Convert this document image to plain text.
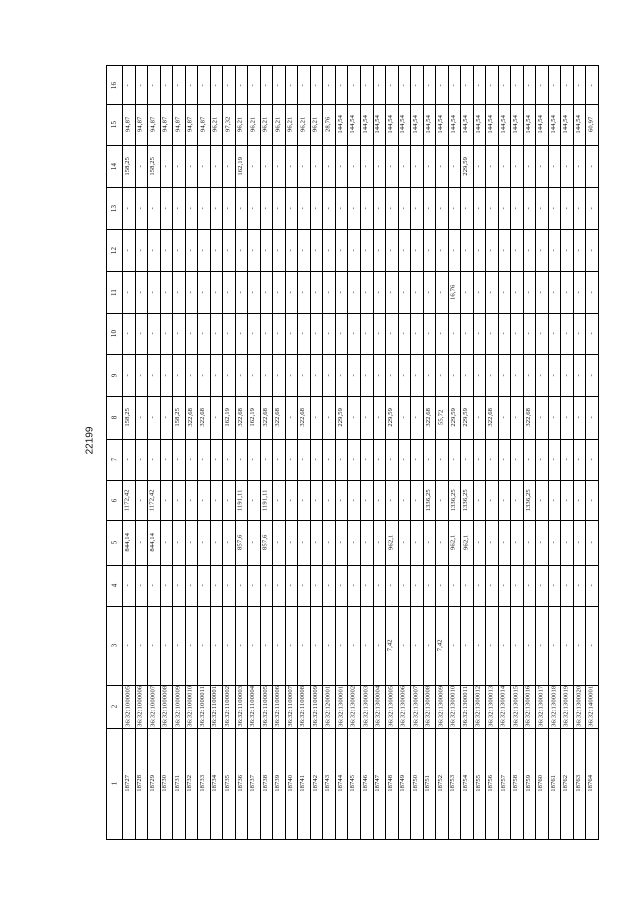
22199
1
2
3
4
5
6
7
8
9
10
11
12
13
14
15
16
18727
36:32:1000005
-
-
844,14
1172,42
-
158,25
-
-
-
-
-
158,25
94,87
-
18728
36:32:1000006
-
-
-
-
-
-
-
-
-
-
-
-
94,87
-
18729
36:32:1000007
-
-
844,14
1172,42
-
-
-
-
-
-
-
158,25
94,87
-
18730
36:32:1000008
-
-
-
-
-
-
-
-
-
-
-
-
94,87
-
18731
36:32:1000009
-
-
-
-
-
158,25
-
-
-
-
-
-
94,87
-
18732
36:32:1000010
-
-
-
-
-
322,68
-
-
-
-
-
-
94,87
-
18733
36:32:1000011
-
-
-
-
-
322,68
-
-
-
-
-
-
94,87
-
18734
36:32:1100001
-
-
-
-
-
-
-
-
-
-
-
-
96,21
-
18735
36:32:1100002
-
-
-
-
-
162,19
-
-
-
-
-
-
97,32
-
18736
36:32:1100003
-
-
857,6
1191,11
-
322,68
-
-
-
-
-
162,19
96,21
-
18737
36:32:1100004
-
-
-
-
-
162,19
-
-
-
-
-
-
96,21
-
18738
36:32:1100005
-
-
857,6
1191,11
-
322,68
-
-
-
-
-
-
96,21
-
18739
36:32:1100006
-
-
-
-
-
322,68
-
-
-
-
-
-
96,21
-
18740
36:32:1100007
-
-
-
-
-
-
-
-
-
-
-
-
96,21
-
18741
36:32:1100008
-
-
-
-
-
322,68
-
-
-
-
-
-
96,21
-
18742
36:32:1100009
-
-
-
-
-
-
-
-
-
-
-
-
96,21
-
18743
36:32:1200001
-
-
-
-
-
-
-
-
-
-
-
-
28,76
-
18744
36:32:1300001
-
-
-
-
-
229,59
-
-
-
-
-
-
144,54
-
18745
36:32:1300002
-
-
-
-
-
-
-
-
-
-
-
-
144,54
-
18746
36:32:1300003
-
-
-
-
-
-
-
-
-
-
-
-
144,54
-
18747
36:32:1300004
-
-
-
-
-
-
-
-
-
-
-
-
144,54
-
18748
36:32:1300005
7,42
-
962,1
-
-
229,59
-
-
-
-
-
-
144,54
-
18749
36:32:1300006
-
-
-
-
-
-
-
-
-
-
-
-
144,54
-
18750
36:32:1300007
-
-
-
-
-
-
-
-
-
-
-
-
144,54
-
18751
36:32:1300008
-
-
-
1336,25
-
322,68
-
-
-
-
-
-
144,54
-
18752
36:32:1300009
7,42
-
-
-
-
55,72
-
-
-
-
-
-
144,54
-
18753
36:32:1300010
-
-
962,1
1336,25
-
229,59
-
-
16,76
-
-
-
144,54
-
18754
36:32:1300011
-
-
962,1
1336,25
-
229,59
-
-
-
-
-
229,59
144,54
-
18755
36:32:1300012
-
-
-
-
-
-
-
-
-
-
-
-
144,54
-
18756
36:32:1300013
-
-
-
-
-
322,68
-
-
-
-
-
-
144,54
-
18757
36:32:1300014
-
-
-
-
-
-
-
-
-
-
-
-
144,54
-
18758
36:32:1300015
-
-
-
-
-
-
-
-
-
-
-
-
144,54
-
18759
36:32:1300016
-
-
-
1336,25
-
322,68
-
-
-
-
-
-
144,54
-
18760
36:32:1300017
-
-
-
-
-
-
-
-
-
-
-
-
144,54
-
18761
36:32:1300018
-
-
-
-
-
-
-
-
-
-
-
-
144,54
-
18762
36:32:1300019
-
-
-
-
-
-
-
-
-
-
-
-
144,54
-
18763
36:32:1300020
-
-
-
-
-
-
-
-
-
-
-
-
144,54
-
18764
36:32:1400001
-
-
-
-
-
-
-
-
-
-
-
-
60,97
-
